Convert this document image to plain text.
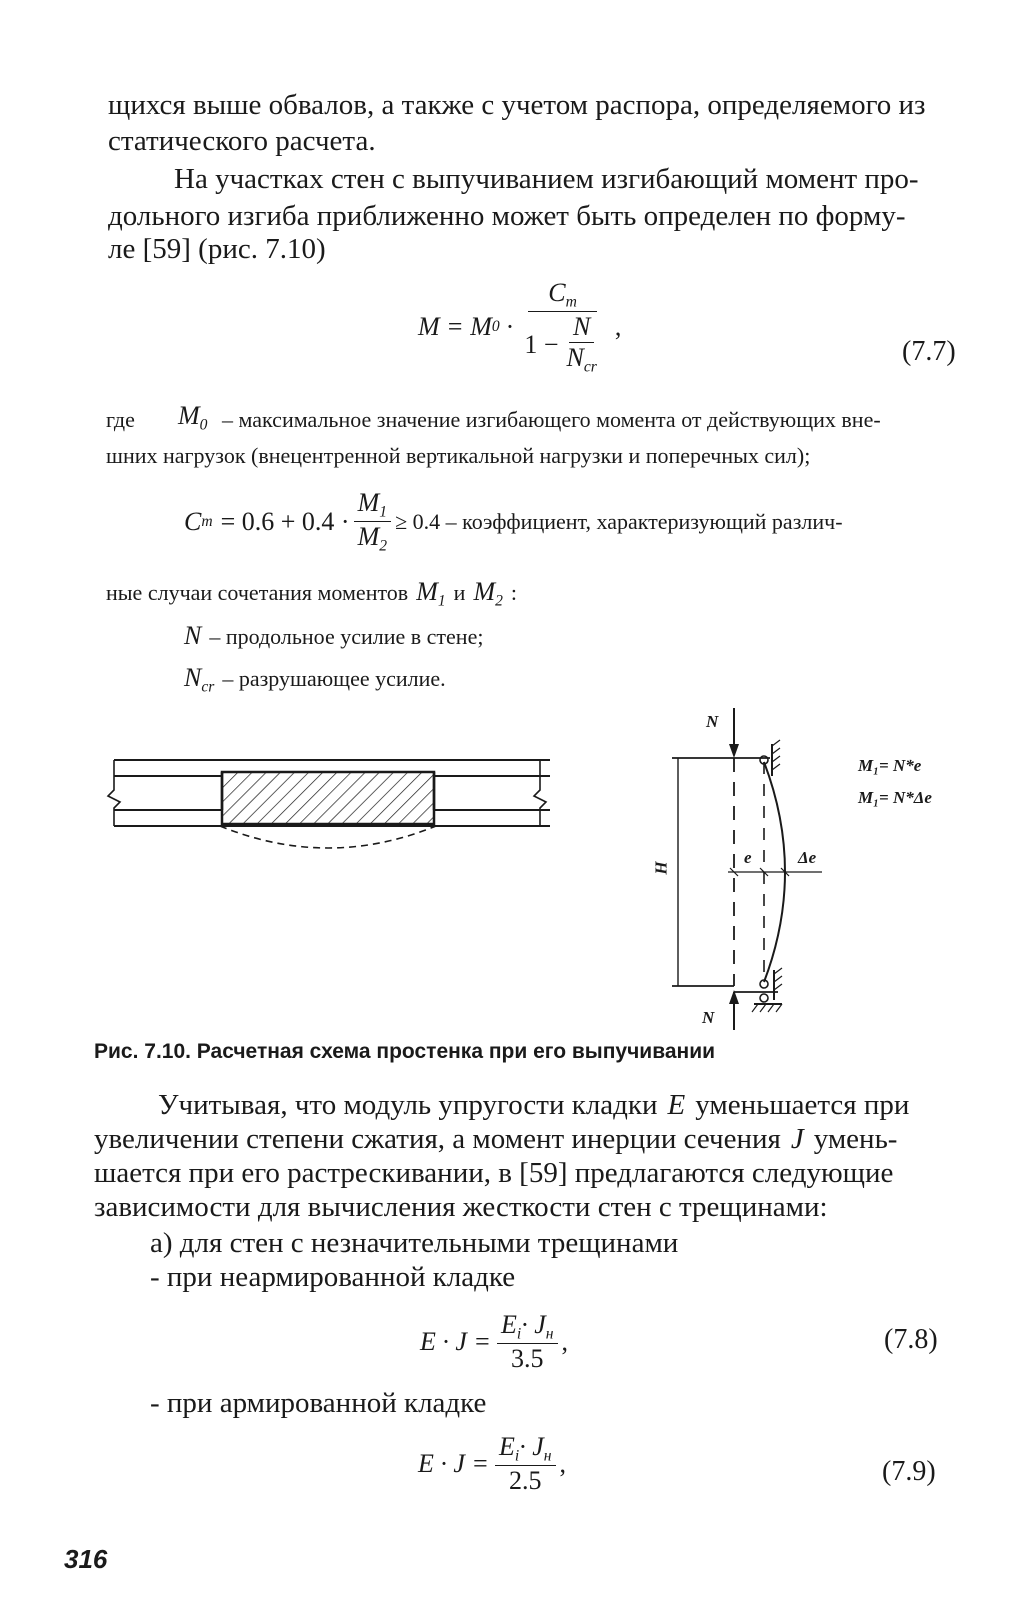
щихся выше обвалов, а также с учетом распора, определяемого из
статического расчета.
На участках стен с выпучиванием изгибающий момент про-
дольного изгиба приближенно может быть определен по форму-
ле [59] (рис. 7.10)
M = M $0 \cdot \frac{C_m}{1 - \frac{N}{N_{cr}}}$ ,
(7.7)
где $M_0$ – максимальное значение изгибающего момента от действующих вне-
шних нагрузок (внецентренной вертикальной нагрузки и поперечных сил);
C $m = 0.6 + 0.4 \cdot \frac{M_1}{M_2} \ge 0.4$ – коэффициент, характеризующий различ-
ные случаи сочетания моментов $M_1$ и $M_2$ :
N – продольное усилие в стене;
$N_{cr}$ – разрушающее усилие.
N
N
H
e	Δe
M₁= N*e
M₁= N*Δe
Рис. 7.10. Расчетная схема простенка при его выпучивании
Учитывая, что модуль упругости кладки E уменьшается при
увеличении степени сжатия, а момент инерции сечения J умень-
шается при его растрескивании, в [59] предлагаются следующие
зависимости для вычисления жесткости стен с трещинами:
а) для стен с незначительными трещинами
- при неармированной кладке
$E \cdot J = \frac{E_i\cdot J_н}{3.5}$ ,	(7.8)
- при армированной кладке
$E \cdot J = \frac{E_i\cdot J_н}{2.5}$ ,	(7.9)
316
